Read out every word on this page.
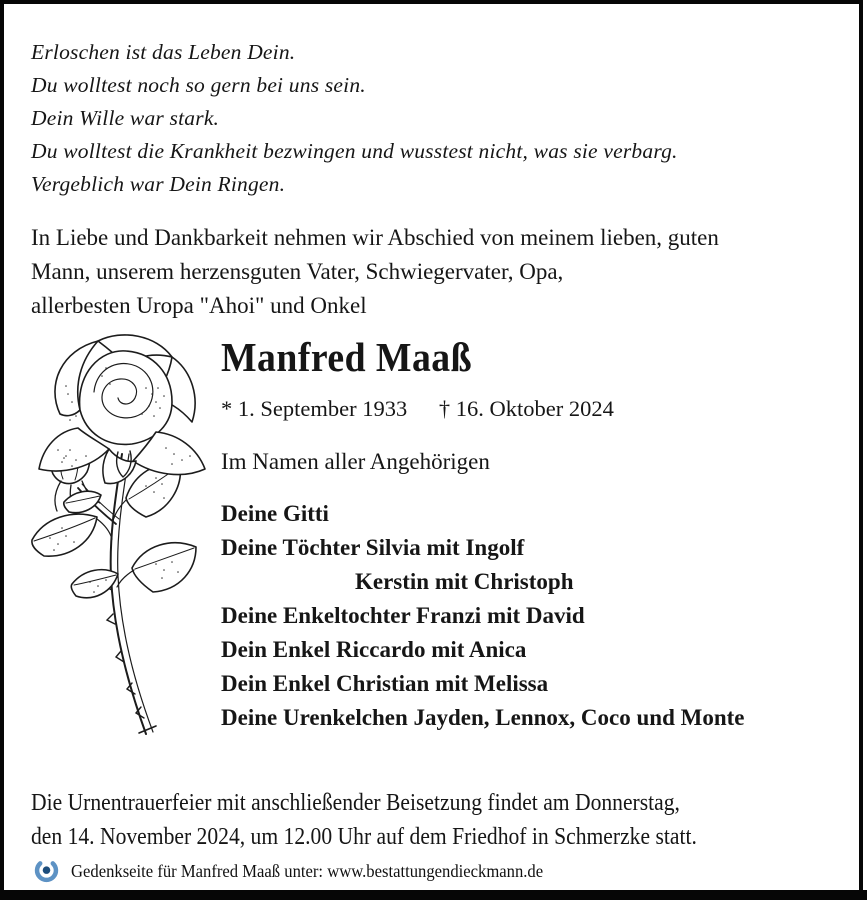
Erloschen ist das Leben Dein.
Du wolltest noch so gern bei uns sein.
Dein Wille war stark.
Du wolltest die Krankheit bezwingen und wusstest nicht, was sie verbarg.
Vergeblich war Dein Ringen.
In Liebe und Dankbarkeit nehmen wir Abschied von meinem lieben, guten
Mann, unserem herzensguten Vater, Schwiegervater, Opa,
allerbesten Uropa "Ahoi" und Onkel
Manfred Maaß
* 1. September 1933 † 16. Oktober 2024
Im Namen aller Angehörigen
Deine Gitti
Deine Töchter Silvia mit Ingolf
Kerstin mit Christoph
Deine Enkeltochter Franzi mit David
Dein Enkel Riccardo mit Anica
Dein Enkel Christian mit Melissa
Deine Urenkelchen Jayden, Lennox, Coco und Monte
Die Urnentrauerfeier mit anschließender Beisetzung findet am Donnerstag,
den 14. November 2024, um 12.00 Uhr auf dem Friedhof in Schmerzke statt.
Gedenkseite für Manfred Maaß unter: www.bestattungendieckmann.de
